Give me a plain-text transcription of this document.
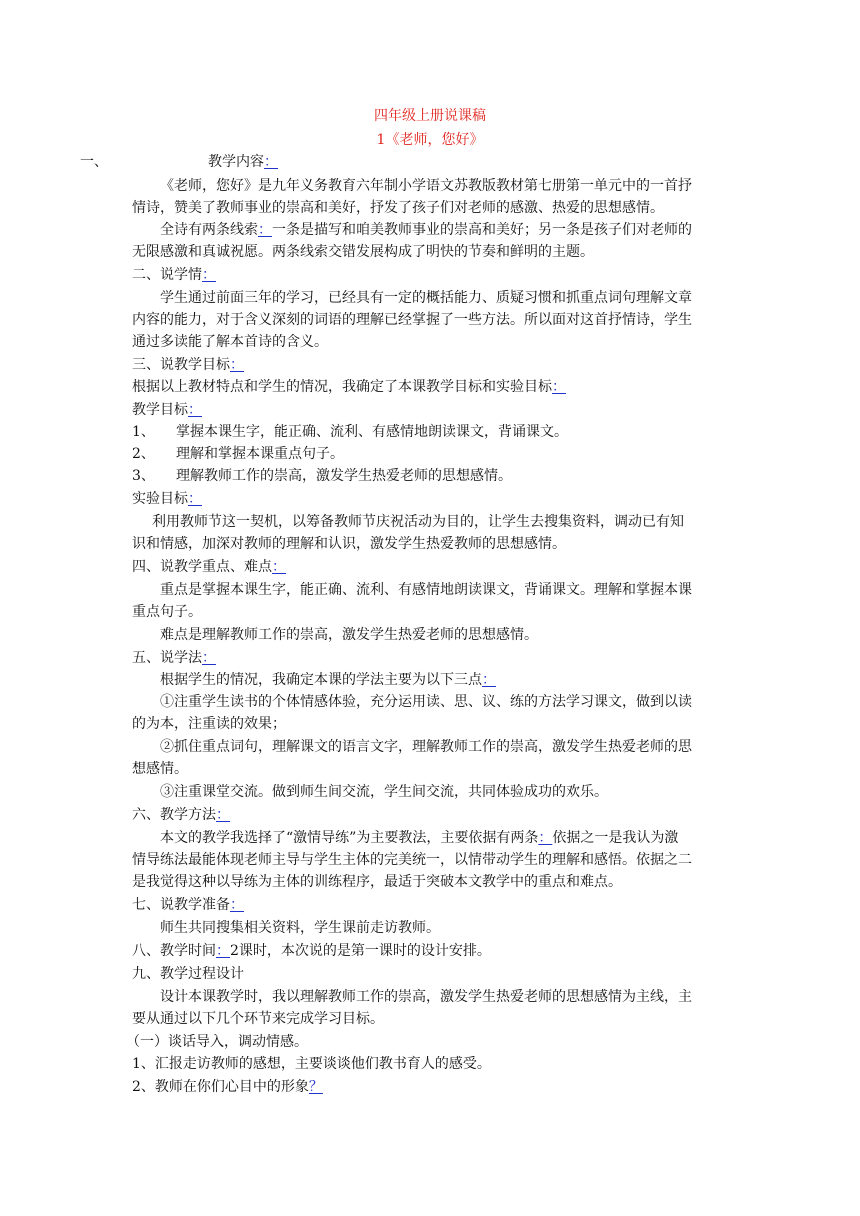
四年级上册说课稿
1《老师，您好》
一、	教学内容：
《老师，您好》是九年义务教育六年制小学语文苏教版教材第七册第一单元中的一首抒
情诗，赞美了教师事业的崇高和美好，抒发了孩子们对老师的感激、热爱的思想感情。
全诗有两条线索：一条是描写和咱美教师事业的崇高和美好；另一条是孩子们对老师的
无限感激和真诚祝愿。两条线索交错发展构成了明快的节奏和鲜明的主题。
二、说学情：
学生通过前面三年的学习，已经具有一定的概括能力、质疑习惯和抓重点词句理解文章
内容的能力，对于含义深刻的词语的理解已经掌握了一些方法。所以面对这首抒情诗，学生
通过多读能了解本首诗的含义。
三、说教学目标：
根据以上教材特点和学生的情况，我确定了本课教学目标和实验目标：
教学目标：
1、 掌握本课生字，能正确、流利、有感情地朗读课文，背诵课文。
2、 理解和掌握本课重点句子。
3、 理解教师工作的崇高，激发学生热爱老师的思想感情。
实验目标：
利用教师节这一契机，以筹备教师节庆祝活动为目的，让学生去搜集资料，调动已有知
识和情感，加深对教师的理解和认识，激发学生热爱教师的思想感情。
四、说教学重点、难点：
重点是掌握本课生字，能正确、流利、有感情地朗读课文，背诵课文。理解和掌握本课
重点句子。
难点是理解教师工作的崇高，激发学生热爱老师的思想感情。
五、说学法：
根据学生的情况，我确定本课的学法主要为以下三点：
①注重学生读书的个体情感体验，充分运用读、思、议、练的方法学习课文，做到以读
的为本，注重读的效果；
②抓住重点词句，理解课文的语言文字，理解教师工作的崇高，激发学生热爱老师的思
想感情。
③注重课堂交流。做到师生间交流，学生间交流，共同体验成功的欢乐。
六、教学方法：
本文的教学我选择了“激情导练”为主要教法，主要依据有两条：依据之一是我认为激
情导练法最能体现老师主导与学生主体的完美统一，以情带动学生的理解和感悟。依据之二
是我觉得这种以导练为主体的训练程序，最适于突破本文教学中的重点和难点。
七、说教学准备：
师生共同搜集相关资料，学生课前走访教师。
八、教学时间：2课时，本次说的是第一课时的设计安排。
九、教学过程设计
设计本课教学时，我以理解教师工作的崇高，激发学生热爱老师的思想感情为主线，主
要从通过以下几个环节来完成学习目标。
（一）谈话导入，调动情感。
1、汇报走访教师的感想，主要谈谈他们教书育人的感受。
2、教师在你们心目中的形象？
